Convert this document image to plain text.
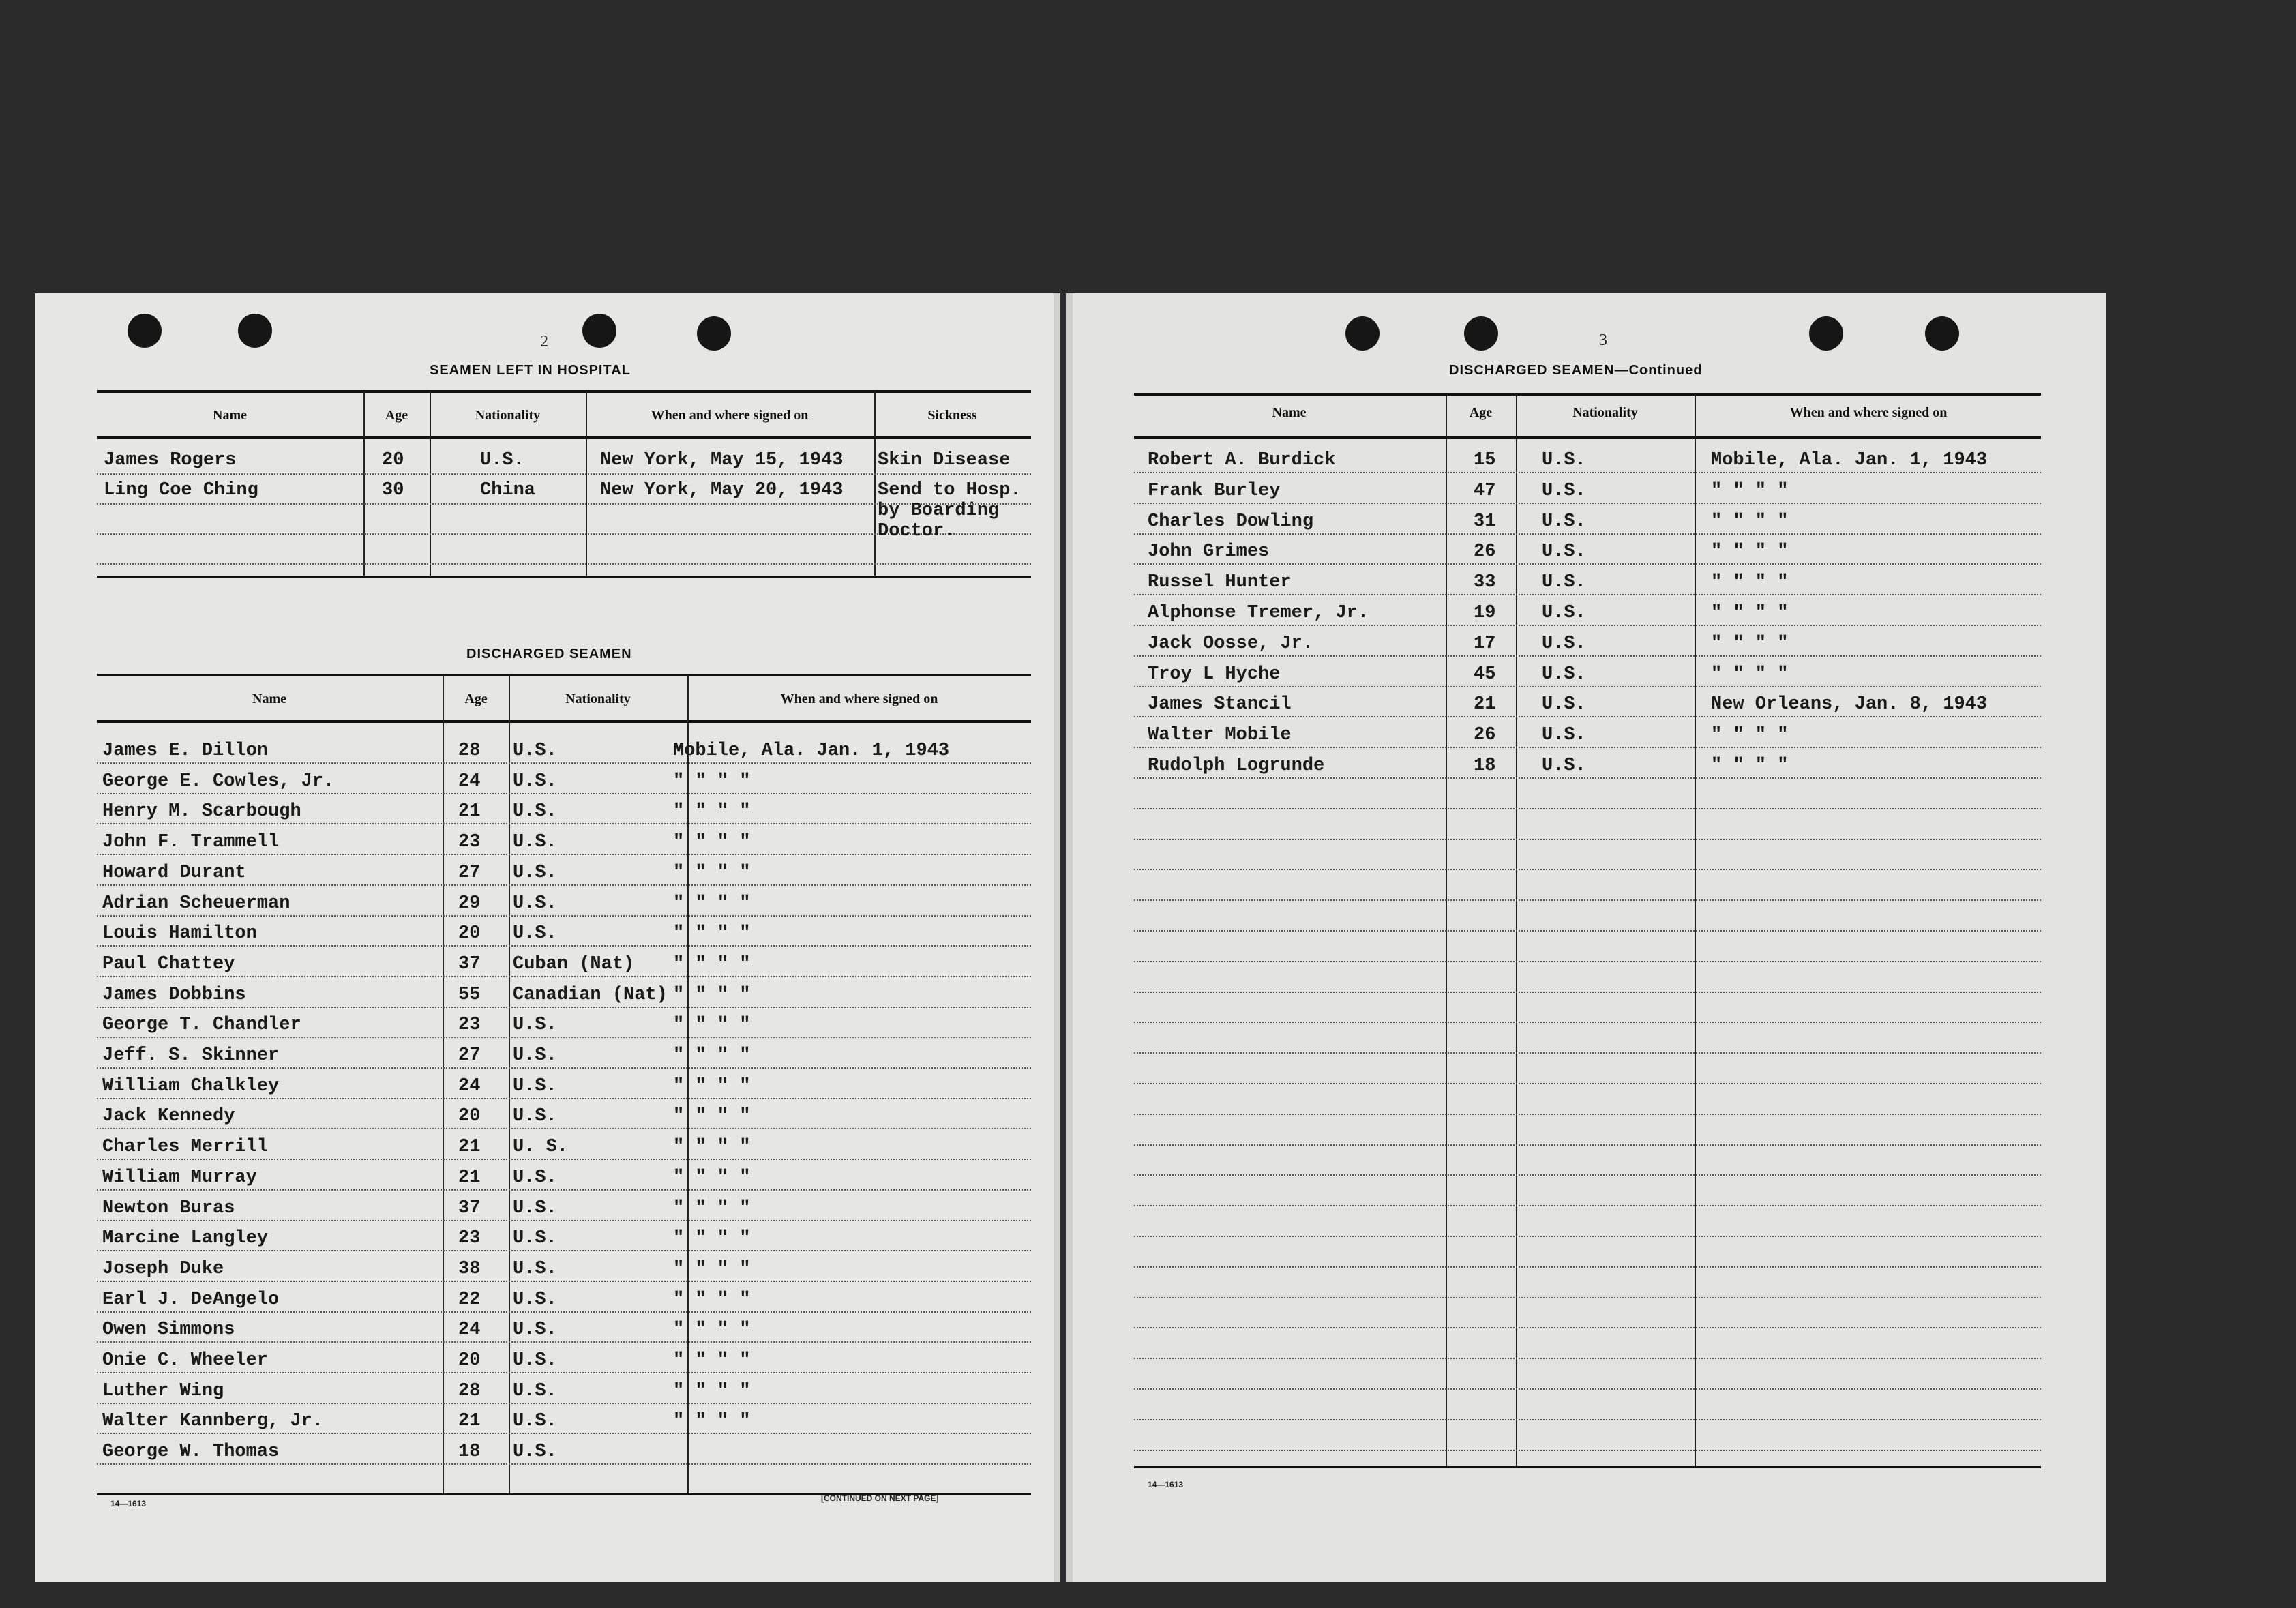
2
SEAMEN LEFT IN HOSPITAL
Name	Age	Nationality	When and where signed on	Sickness
James Rogers	20	U.S.	New York, May 15, 1943 Skin Disease
Ling Coe Ching	30	China	New York, May 20, 1943 Send to Hosp.
by Boarding
Doctor.
DISCHARGED SEAMEN
Name	Age	Nationality	When and where signed on
James E. Dillon	28 U.S.	Mobile, Ala. Jan. 1, 1943
George E. Cowles, Jr.	24 U.S.	" " " "
Henry M. Scarbough	21 U.S.	" " " "
John F. Trammell	23 U.S.	" " " "
Howard Durant	27 U.S.	" " " "
Adrian Scheuerman	29 U.S.	" " " "
Louis Hamilton	20 U.S.	" " " "
Paul Chattey	37 Cuban (Nat) " " " "
James Dobbins	55 Canadian (Nat) " " " "
George T. Chandler	23 U.S.	" " " "
Jeff. S. Skinner	27 U.S.	" " " "
William Chalkley	24 U.S.	" " " "
Jack Kennedy	20 U.S.	" " " "
Charles Merrill	21 U. S.	" " " "
William Murray	21 U.S.	" " " "
Newton Buras	37 U.S.	" " " "
Marcine Langley	23 U.S.	" " " "
Joseph Duke	38 U.S.	" " " "
Earl J. DeAngelo	22 U.S.	" " " "
Owen Simmons	24 U.S.	" " " "
Onie C. Wheeler	20 U.S.	" " " "
Luther Wing	28 U.S.	" " " "
Walter Kannberg, Jr.	21 U.S.	" " " "
George W. Thomas	18 U.S.
14—1613
[CONTINUED ON NEXT PAGE]
3
DISCHARGED SEAMEN—Continued
Name	Age	Nationality	When and where signed on
Robert A. Burdick	15	U.S.	Mobile, Ala. Jan. 1, 1943
Frank Burley	47	U.S.	" " " "
Charles Dowling	31	U.S.	" " " "
John Grimes	26	U.S.	" " " "
Russel Hunter	33	U.S.	" " " "
Alphonse Tremer, Jr.	19	U.S.	" " " "
Jack Oosse, Jr.	17	U.S.	" " " "
Troy L Hyche	45	U.S.	" " " "
James Stancil	21	U.S.	New Orleans, Jan. 8, 1943
Walter Mobile	26	U.S.	" " " "
Rudolph Logrunde	18	U.S.	" " " "
14—1613
